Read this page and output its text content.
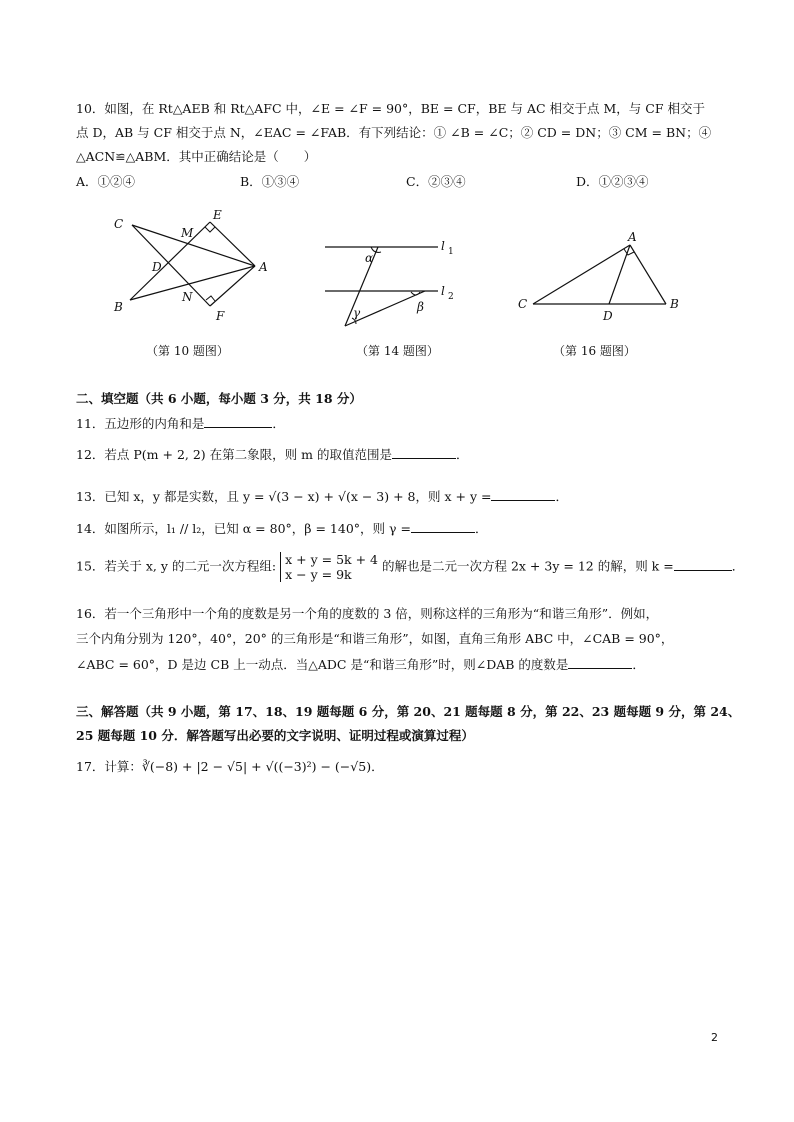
10．如图，在 Rt△AEB 和 Rt△AFC 中，∠E = ∠F = 90°，BE = CF，BE 与 AC 相交于点 M，与 CF 相交于
点 D，AB 与 CF 相交于点 N，∠EAC = ∠FAB．有下列结论：① ∠B = ∠C；② CD = DN；③ CM = BN；④
△ACN≌△ABM．其中正确结论是（　　）
A．①②④	B．①③④	C．②③④	D．①②③④
C
E
M
D	A
N
B
F
l 1
l 2
α
β
γ
A
B
C
D
（第 10 题图）	（第 14 题图）	（第 16 题图）
二、填空题（共 6 小题，每小题 3 分，共 18 分）
11．五边形的内角和是	．
12．若点 P(m + 2, 2) 在第二象限，则 m 的取值范围是	．
13．已知 x，y 都是实数，且 y = √(3 − x) + √(x − 3) + 8，则 x + y =	．
14．如图所示，l₁ // l₂，已知 α = 80°，β = 140°，则 γ =	．
15．若关于 x, y 的二元一次方程组: x + y = 5k + 4
x − y = 9k的解也是二元一次方程 2x + 3y = 12 的解，则 k =	．
16．若一个三角形中一个角的度数是另一个角的度数的 3 倍，则称这样的三角形为“和谐三角形”．例如，
三个内角分别为 120°，40°，20° 的三角形是“和谐三角形”，如图，直角三角形 ABC 中，∠CAB = 90°，
∠ABC = 60°，D 是边 CB 上一动点．当△ADC 是“和谐三角形”时，则∠DAB 的度数是	．
三、解答题（共 9 小题，第 17、18、19 题每题 6 分，第 20、21 题每题 8 分，第 22、23 题每题 9 分，第 24、
25 题每题 10 分．解答题写出必要的文字说明、证明过程或演算过程）
17．计算：∛(−8) + |2 − √5| + √((−3)²) − (−√5)．
2
